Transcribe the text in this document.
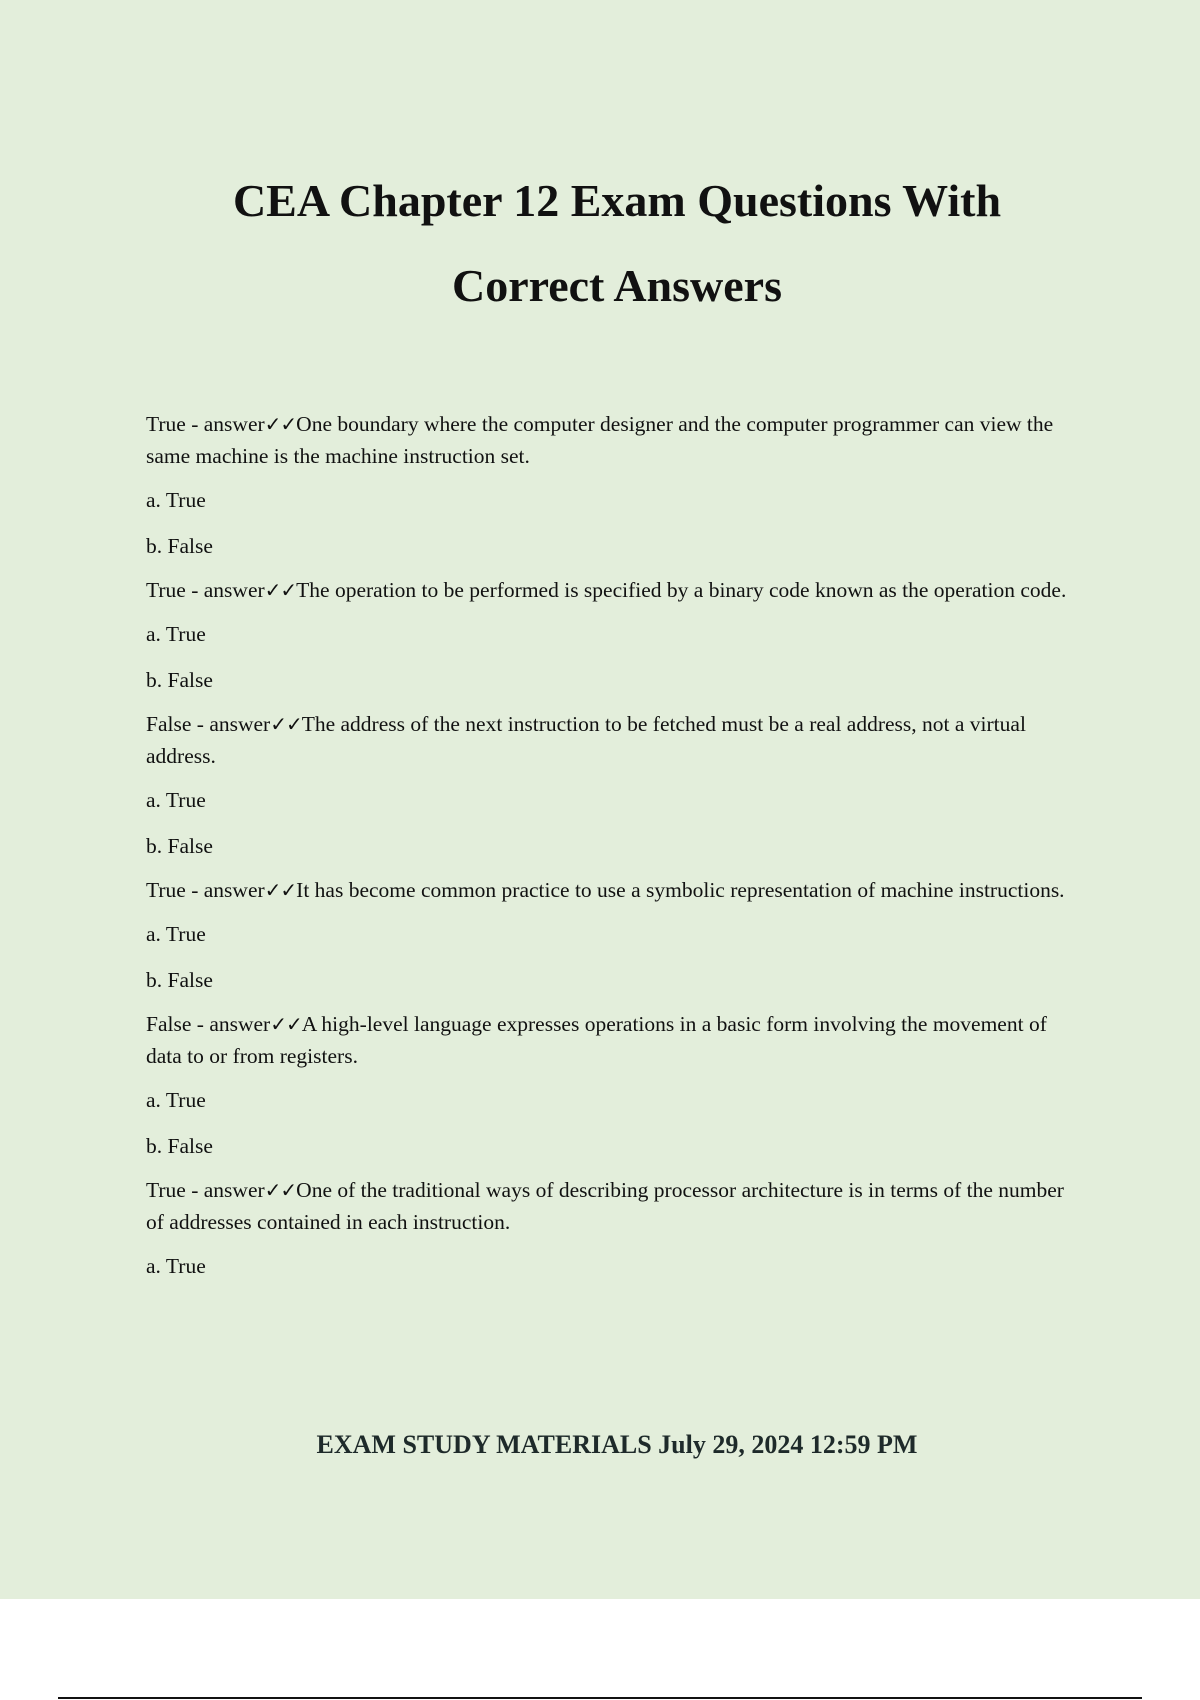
CEA Chapter 12 Exam Questions With
Correct Answers

True - answer✓✓One boundary where the computer designer and the computer programmer can view the same machine is the machine instruction set.

a. True

b. False

True - answer✓✓The operation to be performed is specified by a binary code known as the operation code.

a. True

b. False

False - answer✓✓The address of the next instruction to be fetched must be a real address, not a virtual address.

a. True

b. False

True - answer✓✓It has become common practice to use a symbolic representation of machine instructions.

a. True

b. False

False - answer✓✓A high-level language expresses operations in a basic form involving the movement of data to or from registers.

a. True

b. False

True - answer✓✓One of the traditional ways of describing processor architecture is in terms of the number of addresses contained in each instruction.

a. True

EXAM STUDY MATERIALS July 29, 2024 12:59 PM
